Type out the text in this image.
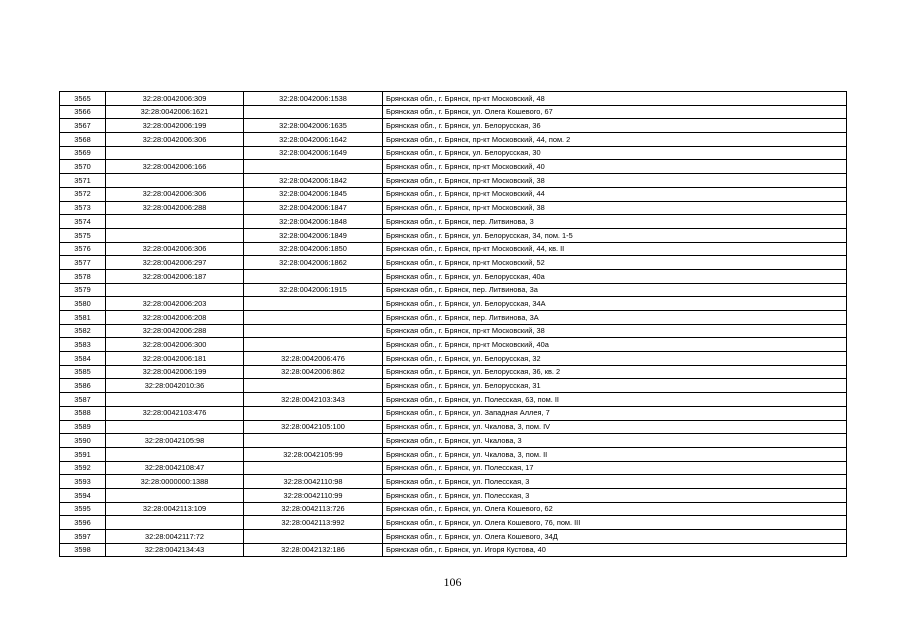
3565	32:28:0042006:309	32:28:0042006:1538	Брянская обл., г. Брянск, пр-кт Московский, 48
3566	32:28:0042006:1621		Брянская обл., г. Брянск, ул. Олега Кошевого, 67
3567	32:28:0042006:199	32:28:0042006:1635	Брянская обл., г. Брянск, ул. Белорусская, 36
3568	32:28:0042006:306	32:28:0042006:1642	Брянская обл., г. Брянск, пр-кт Московский, 44, пом. 2
3569		32:28:0042006:1649	Брянская обл., г. Брянск, ул. Белорусская, 30
3570	32:28:0042006:166		Брянская обл., г. Брянск, пр-кт Московский, 40
3571		32:28:0042006:1842	Брянская обл., г. Брянск, пр-кт Московский, 38
3572	32:28:0042006:306	32:28:0042006:1845	Брянская обл., г. Брянск, пр-кт Московский, 44
3573	32:28:0042006:288	32:28:0042006:1847	Брянская обл., г. Брянск, пр-кт Московский, 38
3574		32:28:0042006:1848	Брянская обл., г. Брянск, пер. Литвинова, 3
3575		32:28:0042006:1849	Брянская обл., г. Брянск, ул. Белорусская, 34, пом. 1-5
3576	32:28:0042006:306	32:28:0042006:1850	Брянская обл., г. Брянск, пр-кт Московский, 44, кв. II
3577	32:28:0042006:297	32:28:0042006:1862	Брянская обл., г. Брянск, пр-кт Московский, 52
3578	32:28:0042006:187		Брянская обл., г. Брянск, ул. Белорусская, 40а
3579		32:28:0042006:1915	Брянская обл., г. Брянск, пер. Литвинова, 3а
3580	32:28:0042006:203		Брянская обл., г. Брянск, ул. Белорусская, 34А
3581	32:28:0042006:208		Брянская обл., г. Брянск, пер. Литвинова, 3А
3582	32:28:0042006:288		Брянская обл., г. Брянск, пр-кт Московский, 38
3583	32:28:0042006:300		Брянская обл., г. Брянск, пр-кт Московский, 40а
3584	32:28:0042006:181	32:28:0042006:476	Брянская обл., г. Брянск, ул. Белорусская, 32
3585	32:28:0042006:199	32:28:0042006:862	Брянская обл., г. Брянск, ул. Белорусская, 36, кв. 2
3586	32:28:0042010:36		Брянская обл., г. Брянск, ул. Белорусская, 31
3587		32:28:0042103:343	Брянская обл., г. Брянск, ул. Полесская, 63, пом. II
3588	32:28:0042103:476		Брянская обл., г. Брянск, ул. Западная Аллея, 7
3589		32:28:0042105:100	Брянская обл., г. Брянск, ул. Чкалова, 3, пом. IV
3590	32:28:0042105:98		Брянская обл., г. Брянск, ул. Чкалова, 3
3591		32:28:0042105:99	Брянская обл., г. Брянск, ул. Чкалова, 3, пом. II
3592	32:28:0042108:47		Брянская обл., г. Брянск, ул. Полесская, 17
3593	32:28:0000000:1388	32:28:0042110:98	Брянская обл., г. Брянск, ул. Полесская, 3
3594		32:28:0042110:99	Брянская обл., г. Брянск, ул. Полесская, 3
3595	32:28:0042113:109	32:28:0042113:726	Брянская обл., г. Брянск, ул. Олега Кошевого, 62
3596		32:28:0042113:992	Брянская обл., г. Брянск, ул. Олега Кошевого, 76, пом. III
3597	32:28:0042117:72		Брянская обл., г. Брянск, ул. Олега Кошевого, 34Д
3598	32:28:0042134:43	32:28:0042132:186	Брянская обл., г. Брянск, ул. Игоря Кустова, 40
106
